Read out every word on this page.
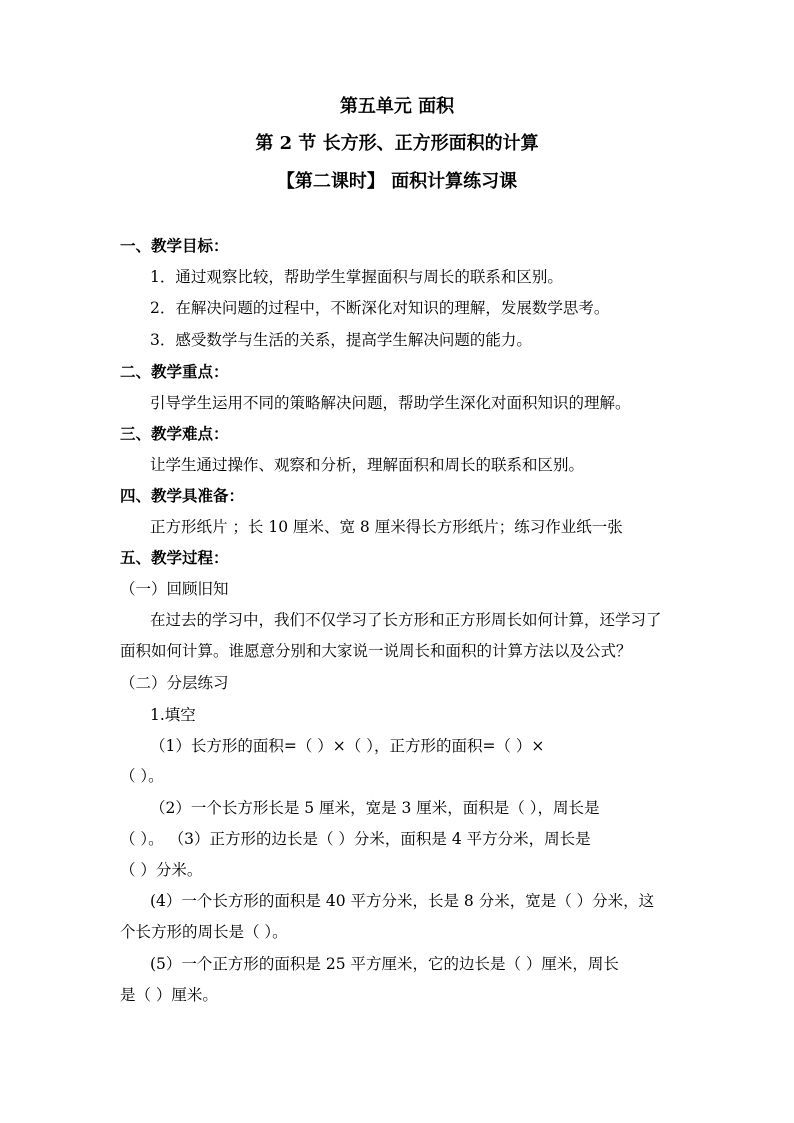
第五单元 面积
第 2 节 长方形、正方形面积的计算
【第二课时】 面积计算练习课
一、教学目标：
1．通过观察比较，帮助学生掌握面积与周长的联系和区别。
2．在解决问题的过程中，不断深化对知识的理解，发展数学思考。
3．感受数学与生活的关系，提高学生解决问题的能力。
二、教学重点：
引导学生运用不同的策略解决问题，帮助学生深化对面积知识的理解。
三、教学难点：
让学生通过操作、观察和分析，理解面积和周长的联系和区别。
四、教学具准备：
正方形纸片 ；长 10 厘米、宽 8 厘米得长方形纸片；练习作业纸一张
五、教学过程：
（一）回顾旧知
在过去的学习中，我们不仅学习了长方形和正方形周长如何计算，还学习了
面积如何计算。谁愿意分别和大家说一说周长和面积的计算方法以及公式？
（二）分层练习
1.填空
（1）长方形的面积=（ ）×（ ），正方形的面积=（ ）×
（ ）。
（2）一个长方形长是 5 厘米，宽是 3 厘米，面积是（ ），周长是
（ ）。 （3）正方形的边长是（ ）分米，面积是 4 平方分米，周长是
（ ）分米。
(4）一个长方形的面积是 40 平方分米，长是 8 分米，宽是（ ）分米，这
个长方形的周长是（ ）。
(5）一个正方形的面积是 25 平方厘米，它的边长是（ ）厘米，周长
是（ ）厘米。
